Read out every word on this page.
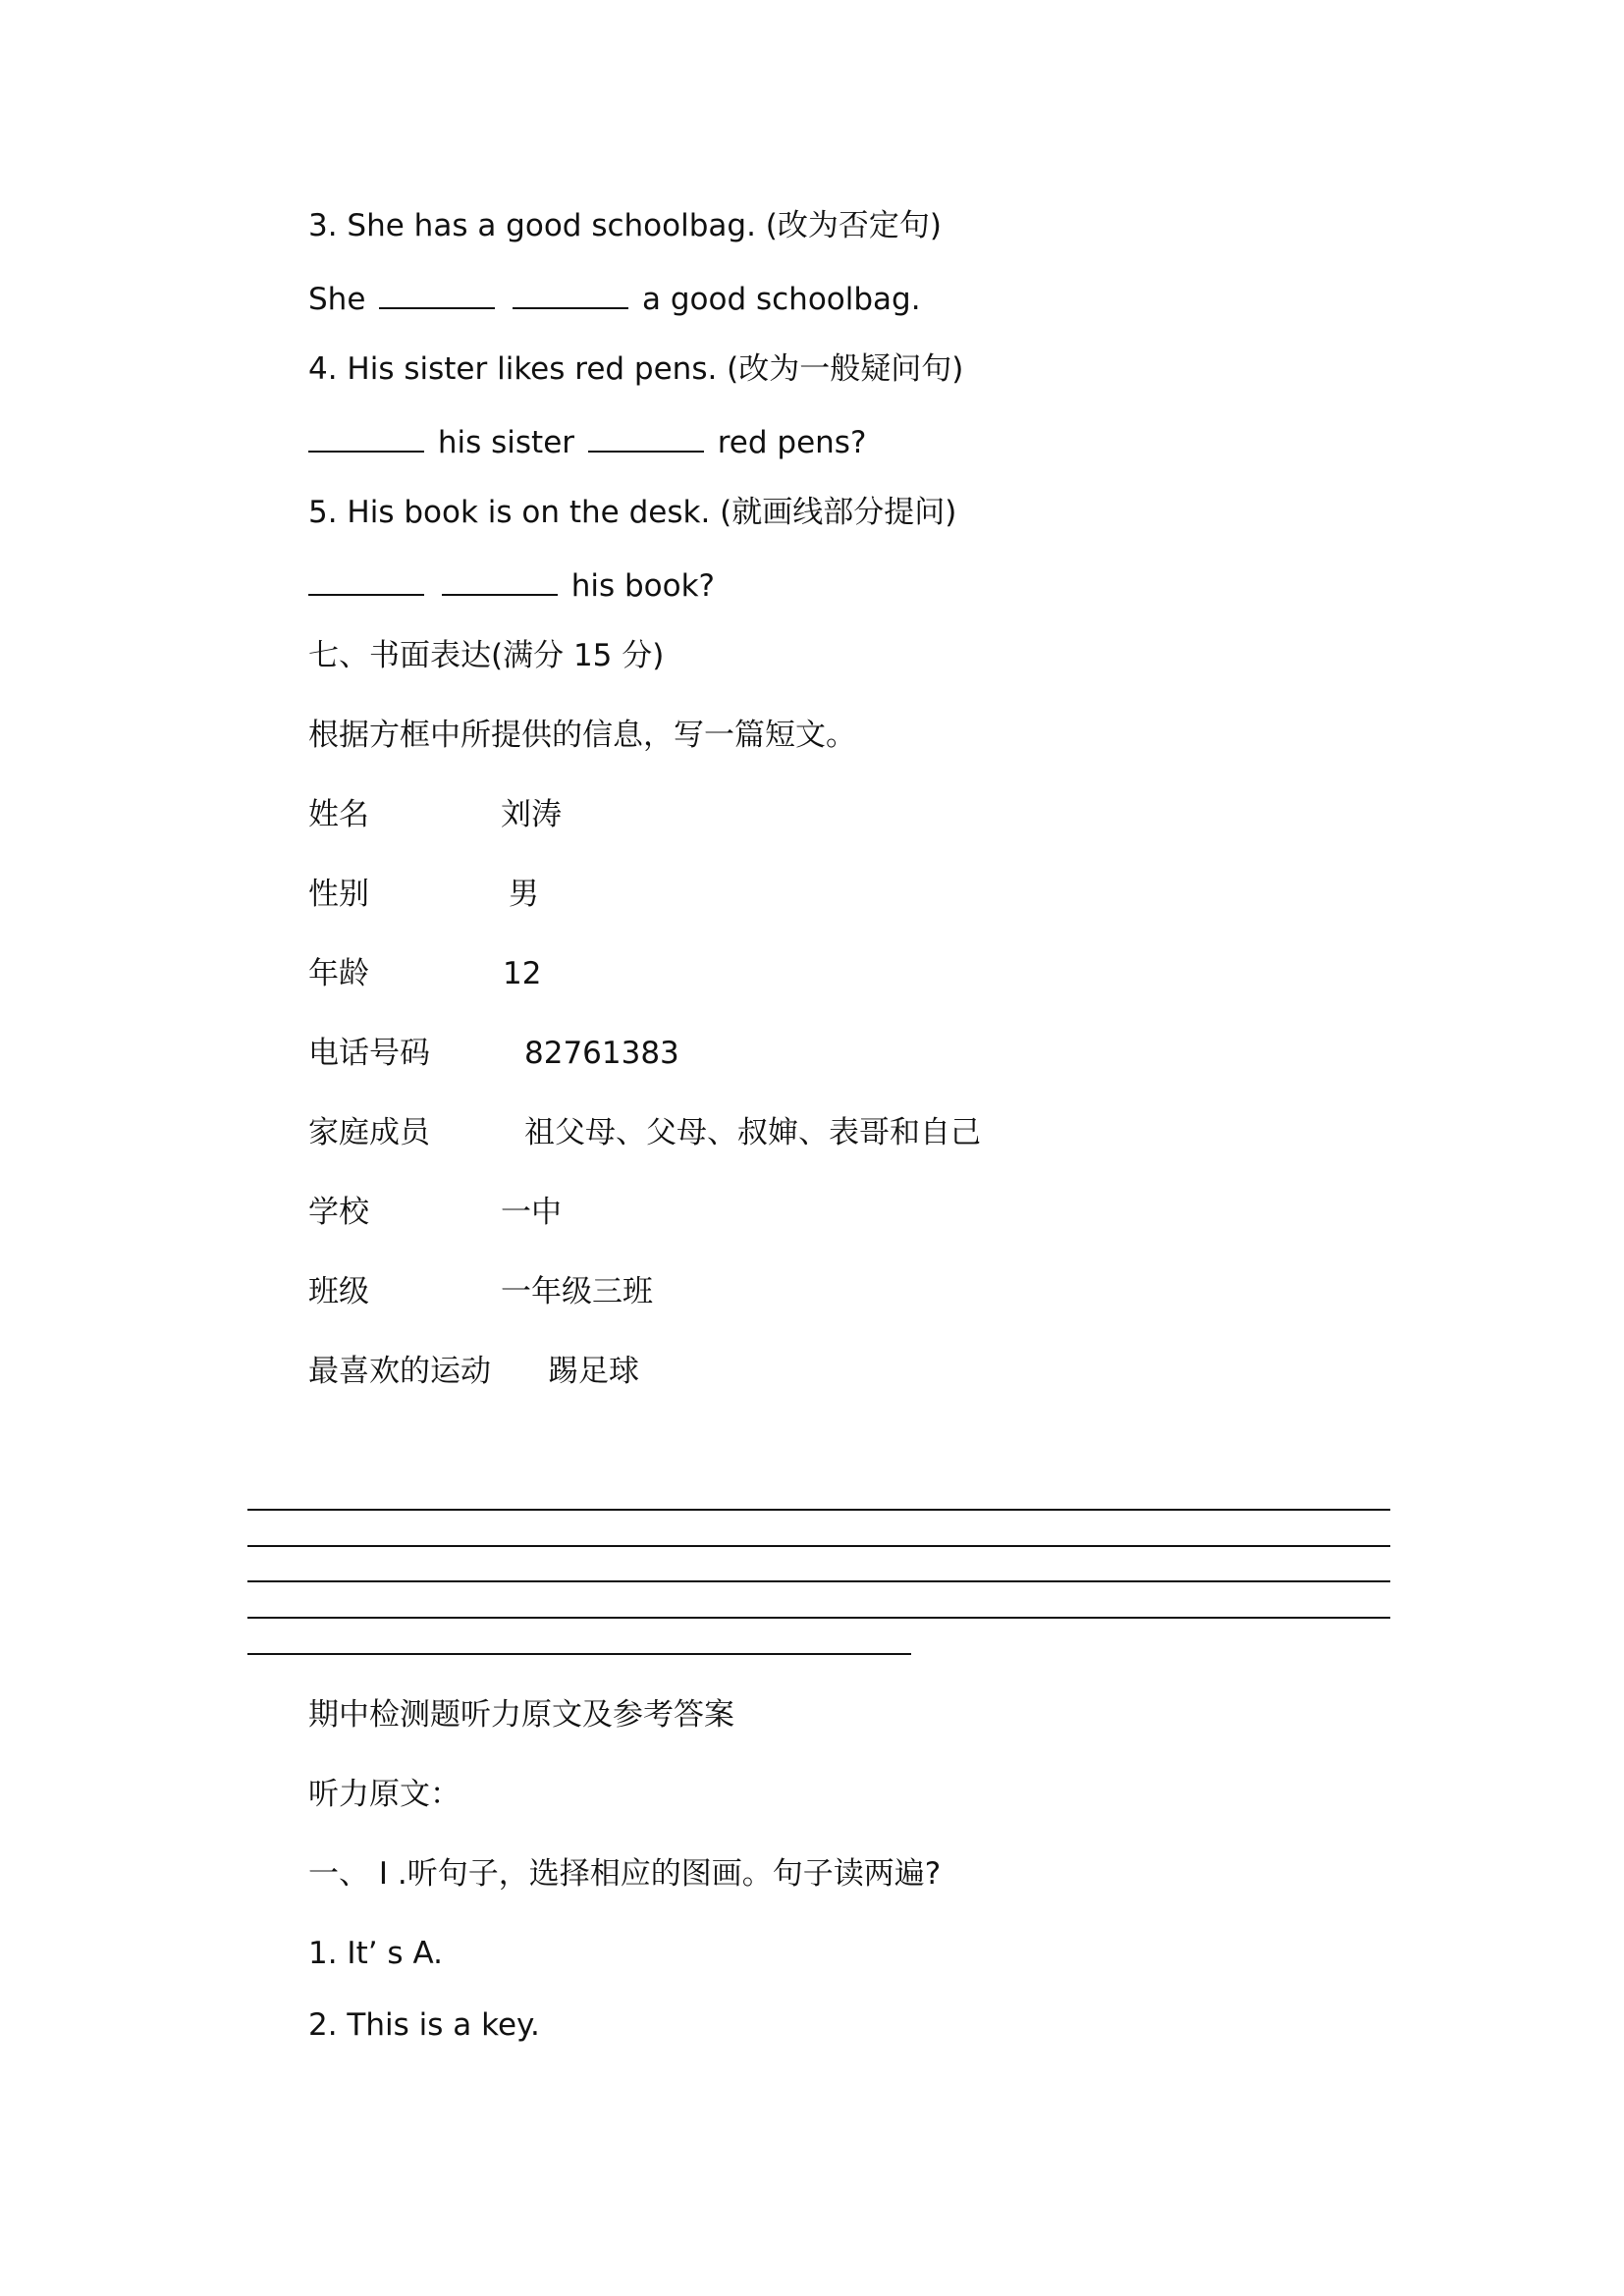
3. She has a good schoolbag. (改为否定句)
She	a good schoolbag.
4. His sister likes red pens. (改为一般疑问句)
his sister	red pens?
5. His book is on the desk. (就画线部分提问)
his book?
七、书面表达(满分 15 分)
根据方框中所提供的信息，写一篇短文。
姓名	刘涛
性别	男
年龄	12
电话号码	82761383
家庭成员	祖父母、父母、叔婶、表哥和自己
学校	一中
班级	一年级三班
最喜欢的运动 踢足球
期中检测题听力原文及参考答案
听力原文：
一、 I .听句子，选择相应的图画。句子读两遍?
1. It’ s A.
2. This is a key.
